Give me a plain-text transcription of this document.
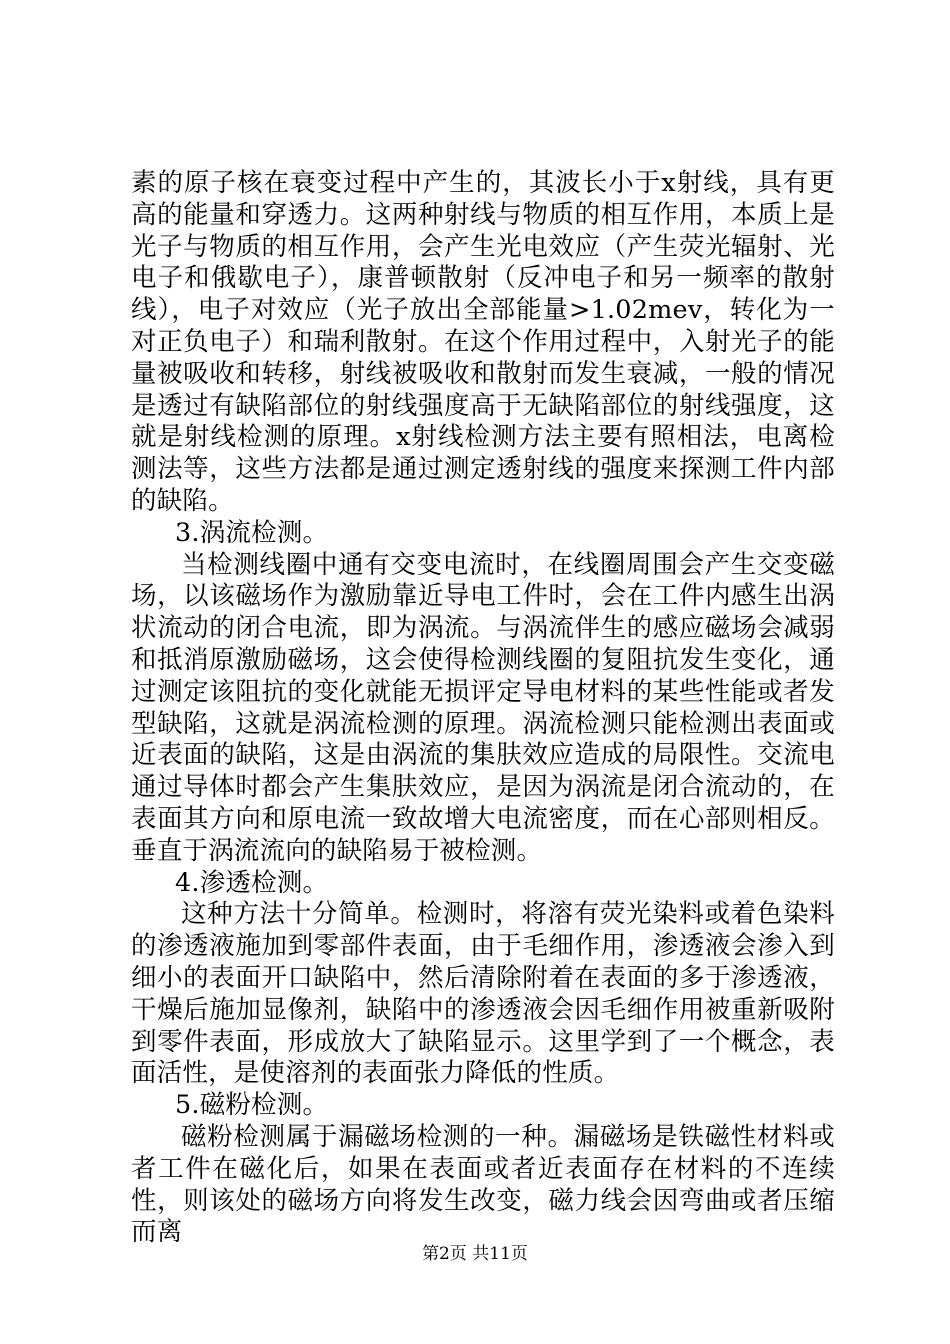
素的原子核在衰变过程中产生的，其波长小于x射线，具有更高的能量和穿透力。这两种射线与物质的相互作用，本质上是光子与物质的相互作用，会产生光电效应（产生荧光辐射、光电子和俄歇电子），康普顿散射（反冲电子和另一频率的散射线），电子对效应（光子放出全部能量>1.02mev，转化为一对正负电子）和瑞利散射。在这个作用过程中，入射光子的能量被吸收和转移，射线被吸收和散射而发生衰减，一般的情况是透过有缺陷部位的射线强度高于无缺陷部位的射线强度，这就是射线检测的原理。x射线检测方法主要有照相法，电离检测法等，这些方法都是通过测定透射线的强度来探测工件内部的缺陷。

3.涡流检测。

当检测线圈中通有交变电流时，在线圈周围会产生交变磁场，以该磁场作为激励靠近导电工件时，会在工件内感生出涡状流动的闭合电流，即为涡流。与涡流伴生的感应磁场会减弱和抵消原激励磁场，这会使得检测线圈的复阻抗发生变化，通过测定该阻抗的变化就能无损评定导电材料的某些性能或者发型缺陷，这就是涡流检测的原理。涡流检测只能检测出表面或近表面的缺陷，这是由涡流的集肤效应造成的局限性。交流电通过导体时都会产生集肤效应，是因为涡流是闭合流动的，在表面其方向和原电流一致故增大电流密度，而在心部则相反。垂直于涡流流向的缺陷易于被检测。

4.渗透检测。

这种方法十分简单。检测时，将溶有荧光染料或着色染料的渗透液施加到零部件表面，由于毛细作用，渗透液会渗入到细小的表面开口缺陷中，然后清除附着在表面的多于渗透液，干燥后施加显像剂，缺陷中的渗透液会因毛细作用被重新吸附到零件表面，形成放大了缺陷显示。这里学到了一个概念，表面活性，是使溶剂的表面张力降低的性质。

5.磁粉检测。

磁粉检测属于漏磁场检测的一种。漏磁场是铁磁性材料或者工件在磁化后，如果在表面或者近表面存在材料的不连续性，则该处的磁场方向将发生改变，磁力线会因弯曲或者压缩而离

第2页 共11页
